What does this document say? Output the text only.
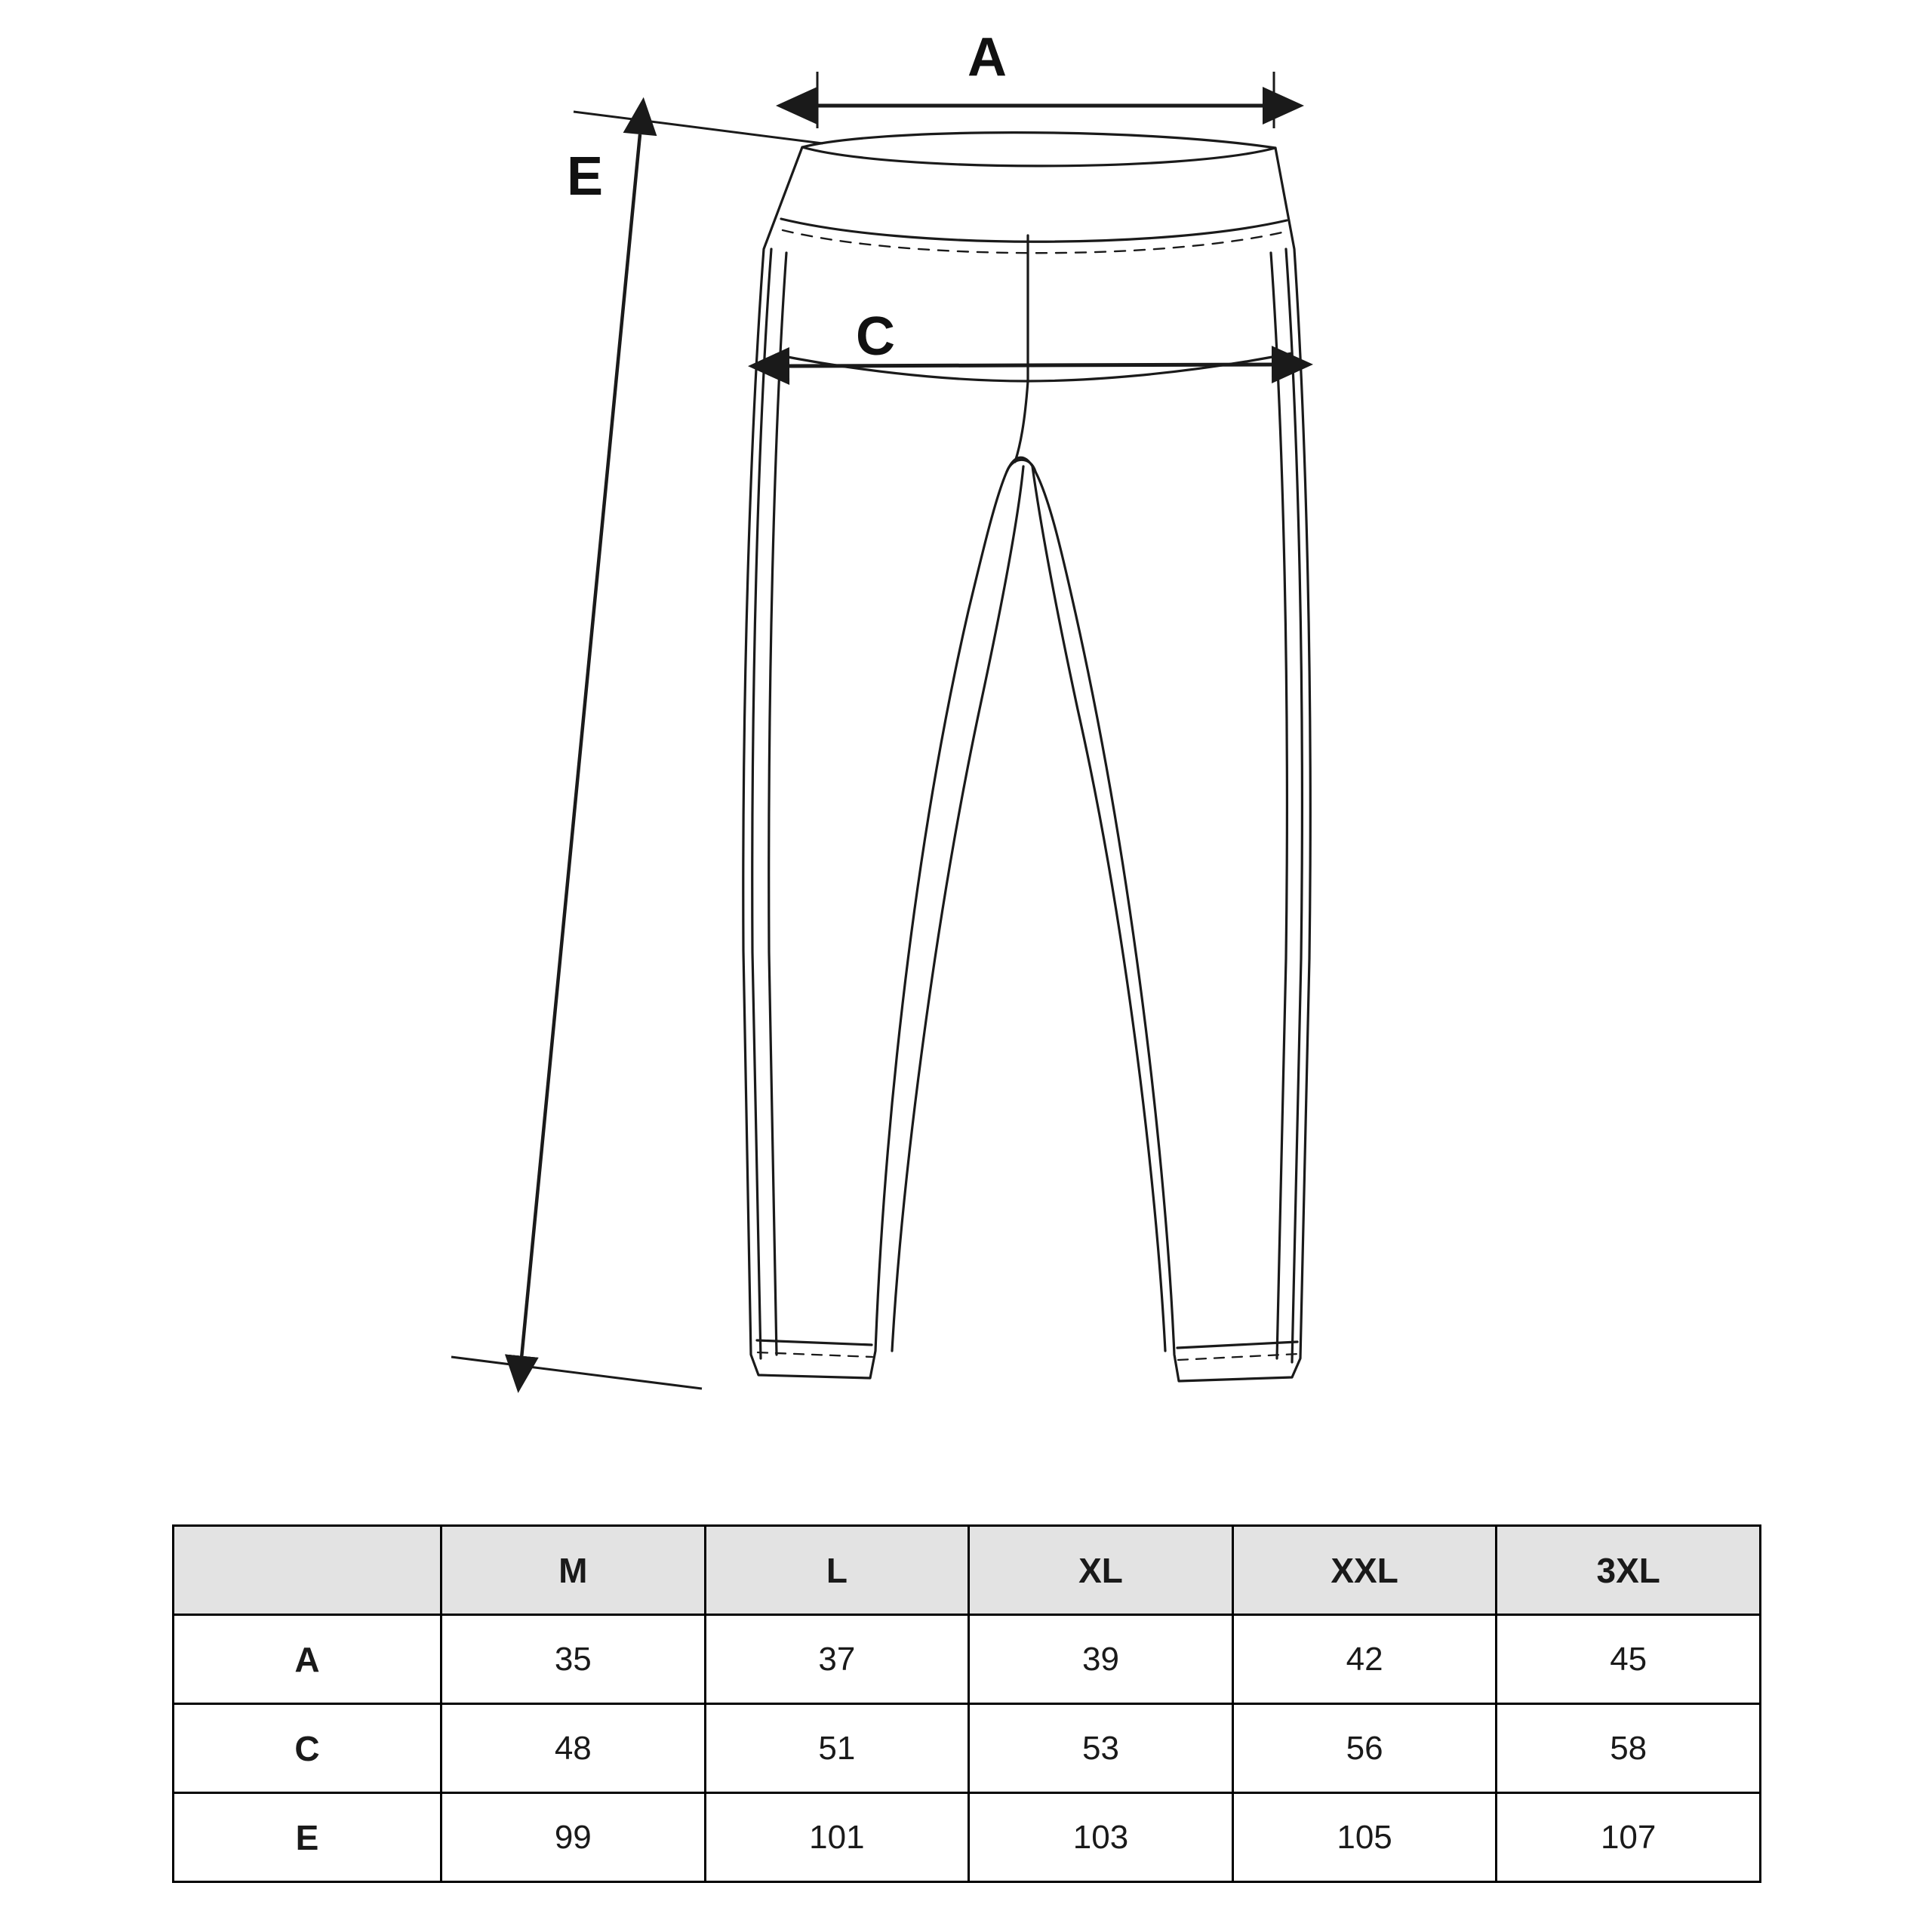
A
C
E
	M	L	XL	XXL	3XL
A	35	37	39	42	45
C	48	51	53	56	58
E	99	101	103	105	107
